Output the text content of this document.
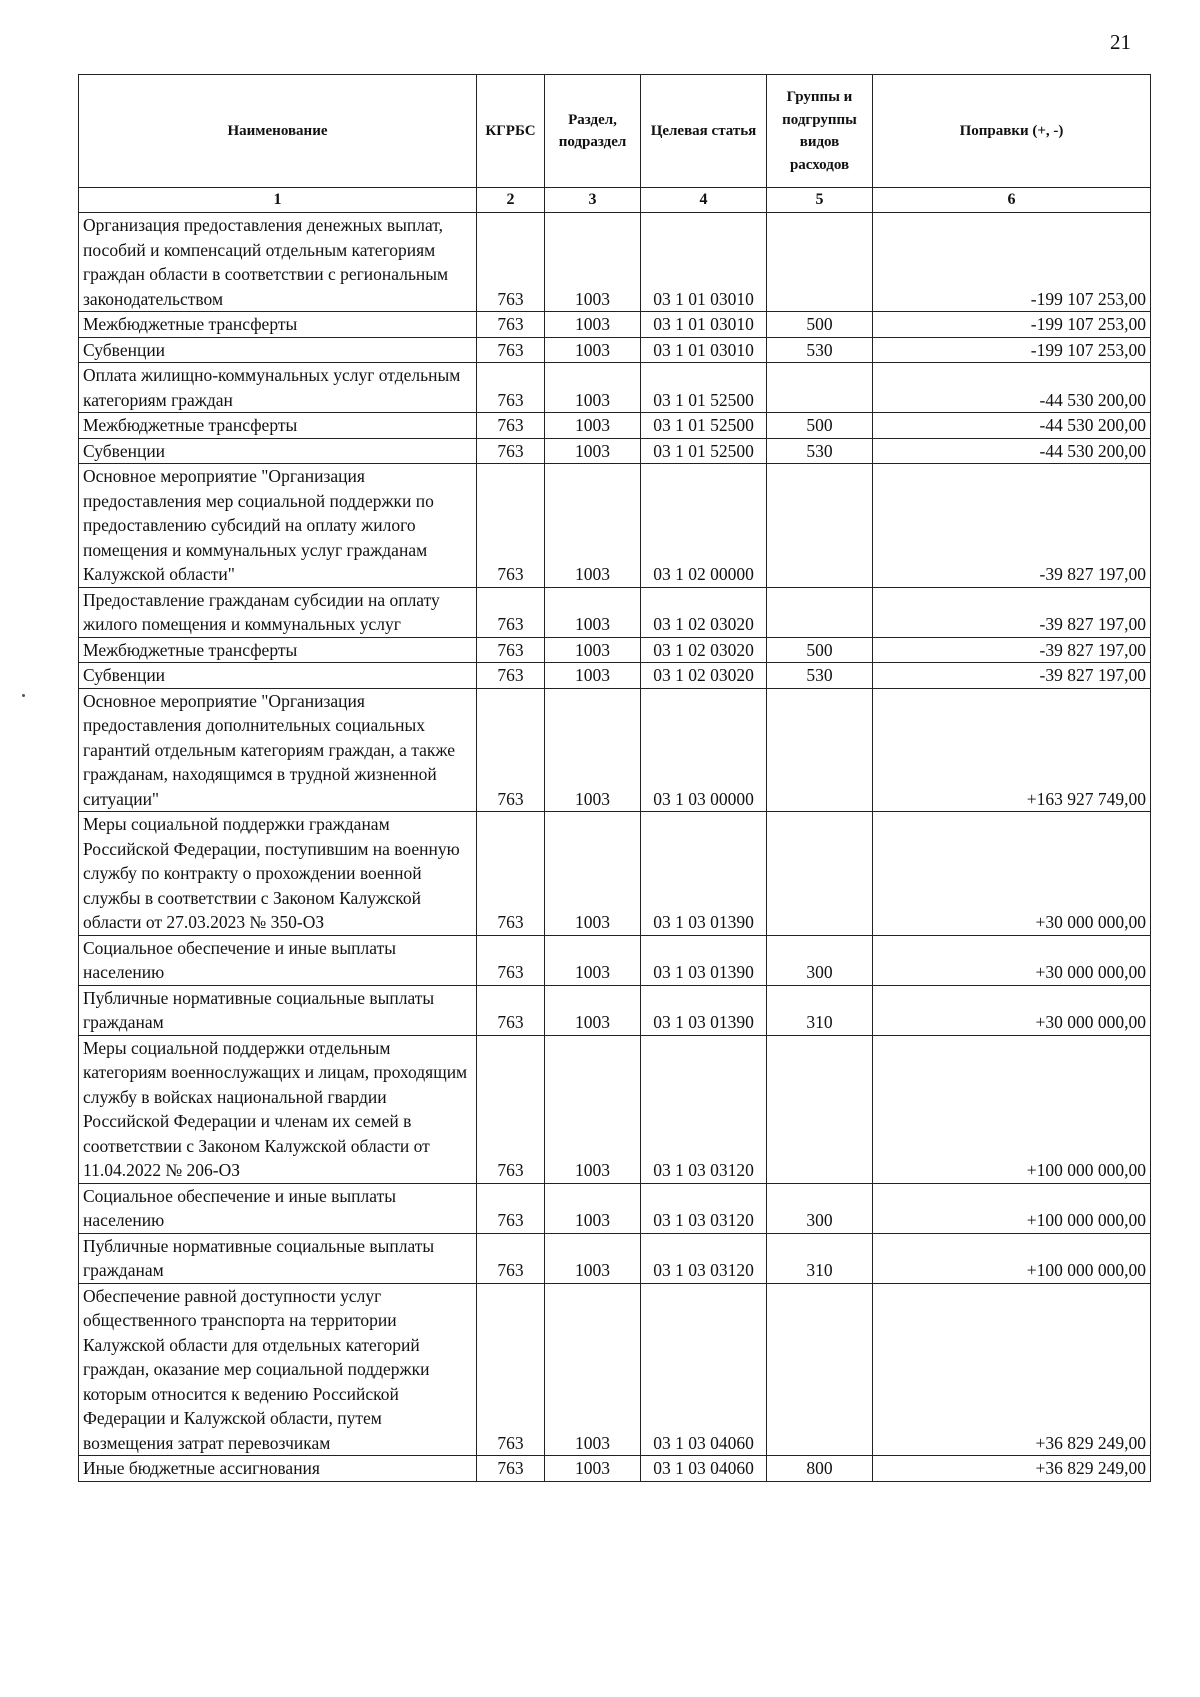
21
Наименование	КГРБС	Раздел, подраздел	Целевая статья	Группы и подгруппы видов расходов	Поправки (+, -)
1	2	3	4	5	6
Организация предоставления денежных выплат, пособий и компенсаций отдельным категориям граждан области в соответствии с региональным законодательством	763	1003	03 1 01 03010		-199 107 253,00
Межбюджетные трансферты	763	1003	03 1 01 03010	500	-199 107 253,00
Субвенции	763	1003	03 1 01 03010	530	-199 107 253,00
Оплата жилищно-коммунальных услуг отдельным категориям граждан	763	1003	03 1 01 52500		-44 530 200,00
Межбюджетные трансферты	763	1003	03 1 01 52500	500	-44 530 200,00
Субвенции	763	1003	03 1 01 52500	530	-44 530 200,00
Основное мероприятие "Организация предоставления мер социальной поддержки по предоставлению субсидий на оплату жилого помещения и коммунальных услуг гражданам Калужской области"	763	1003	03 1 02 00000		-39 827 197,00
Предоставление гражданам субсидии на оплату жилого помещения и коммунальных услуг	763	1003	03 1 02 03020		-39 827 197,00
Межбюджетные трансферты	763	1003	03 1 02 03020	500	-39 827 197,00
Субвенции	763	1003	03 1 02 03020	530	-39 827 197,00
Основное мероприятие "Организация предоставления дополнительных социальных гарантий отдельным категориям граждан, а также гражданам, находящимся в трудной жизненной ситуации"	763	1003	03 1 03 00000		+163 927 749,00
Меры социальной поддержки гражданам Российской Федерации, поступившим на военную службу по контракту о прохождении военной службы в соответствии с Законом Калужской области от 27.03.2023 № 350-ОЗ	763	1003	03 1 03 01390		+30 000 000,00
Социальное обеспечение и иные выплаты населению	763	1003	03 1 03 01390	300	+30 000 000,00
Публичные нормативные социальные выплаты гражданам	763	1003	03 1 03 01390	310	+30 000 000,00
Меры социальной поддержки отдельным категориям военнослужащих и лицам, проходящим службу в войсках национальной гвардии Российской Федерации и членам их семей в соответствии с Законом Калужской области от 11.04.2022 № 206-ОЗ	763	1003	03 1 03 03120		+100 000 000,00
Социальное обеспечение и иные выплаты населению	763	1003	03 1 03 03120	300	+100 000 000,00
Публичные нормативные социальные выплаты гражданам	763	1003	03 1 03 03120	310	+100 000 000,00
Обеспечение равной доступности услуг общественного транспорта на территории Калужской области для отдельных категорий граждан, оказание мер социальной поддержки которым относится к ведению Российской Федерации и Калужской области, путем возмещения затрат перевозчикам	763	1003	03 1 03 04060		+36 829 249,00
Иные бюджетные ассигнования	763	1003	03 1 03 04060	800	+36 829 249,00
